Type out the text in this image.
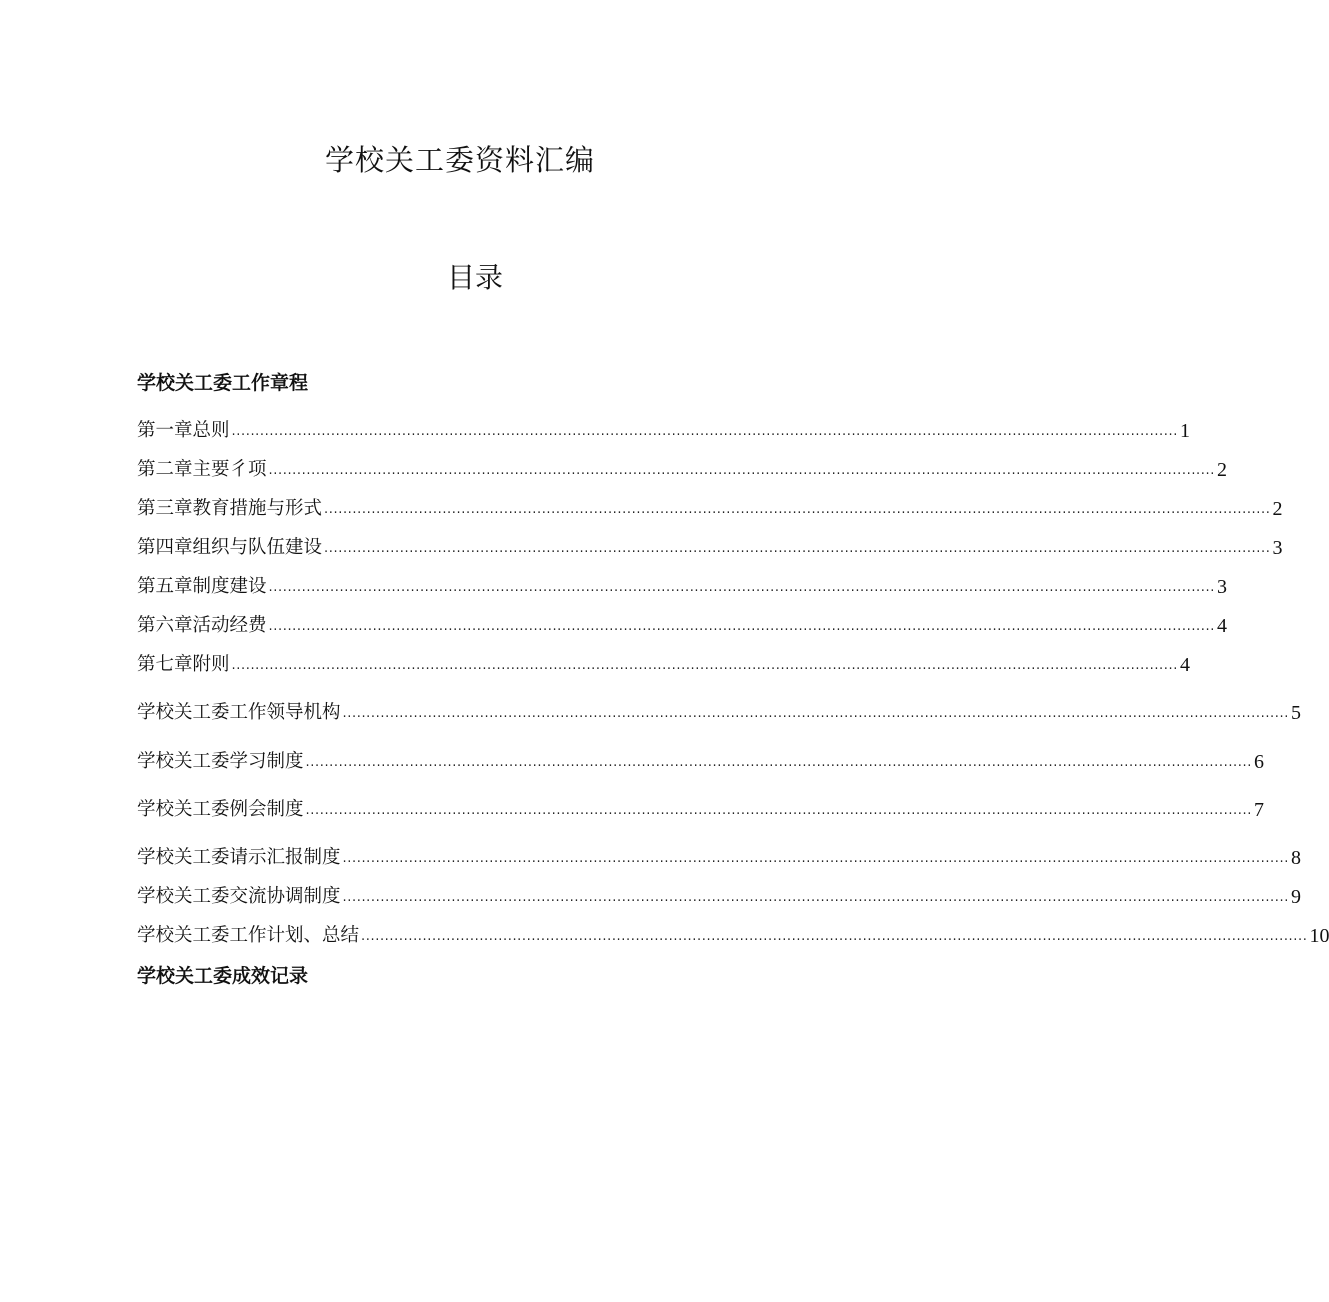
学校关工委资料汇编
目录
学校关工委工作章程
第一章总则 ........................................................................................................................................................................................................ 1
第二章主要彳项 ........................................................................................................................................................................................................ 2
第三章教育措施与形式 ........................................................................................................................................................................................................ 2
第四章组织与队伍建设 ........................................................................................................................................................................................................ 3
第五章制度建设 ........................................................................................................................................................................................................ 3
第六章活动经费 ........................................................................................................................................................................................................ 4
第七章附则 ........................................................................................................................................................................................................ 4
学校关工委工作领导机构 ........................................................................................................................................................................................................ 5
学校关工委学习制度 ........................................................................................................................................................................................................ 6
学校关工委例会制度 ........................................................................................................................................................................................................ 7
学校关工委请示汇报制度 ........................................................................................................................................................................................................ 8
学校关工委交流协调制度 ........................................................................................................................................................................................................ 9
学校关工委工作计划、总结 ........................................................................................................................................................................................................ 10
学校关工委成效记录
